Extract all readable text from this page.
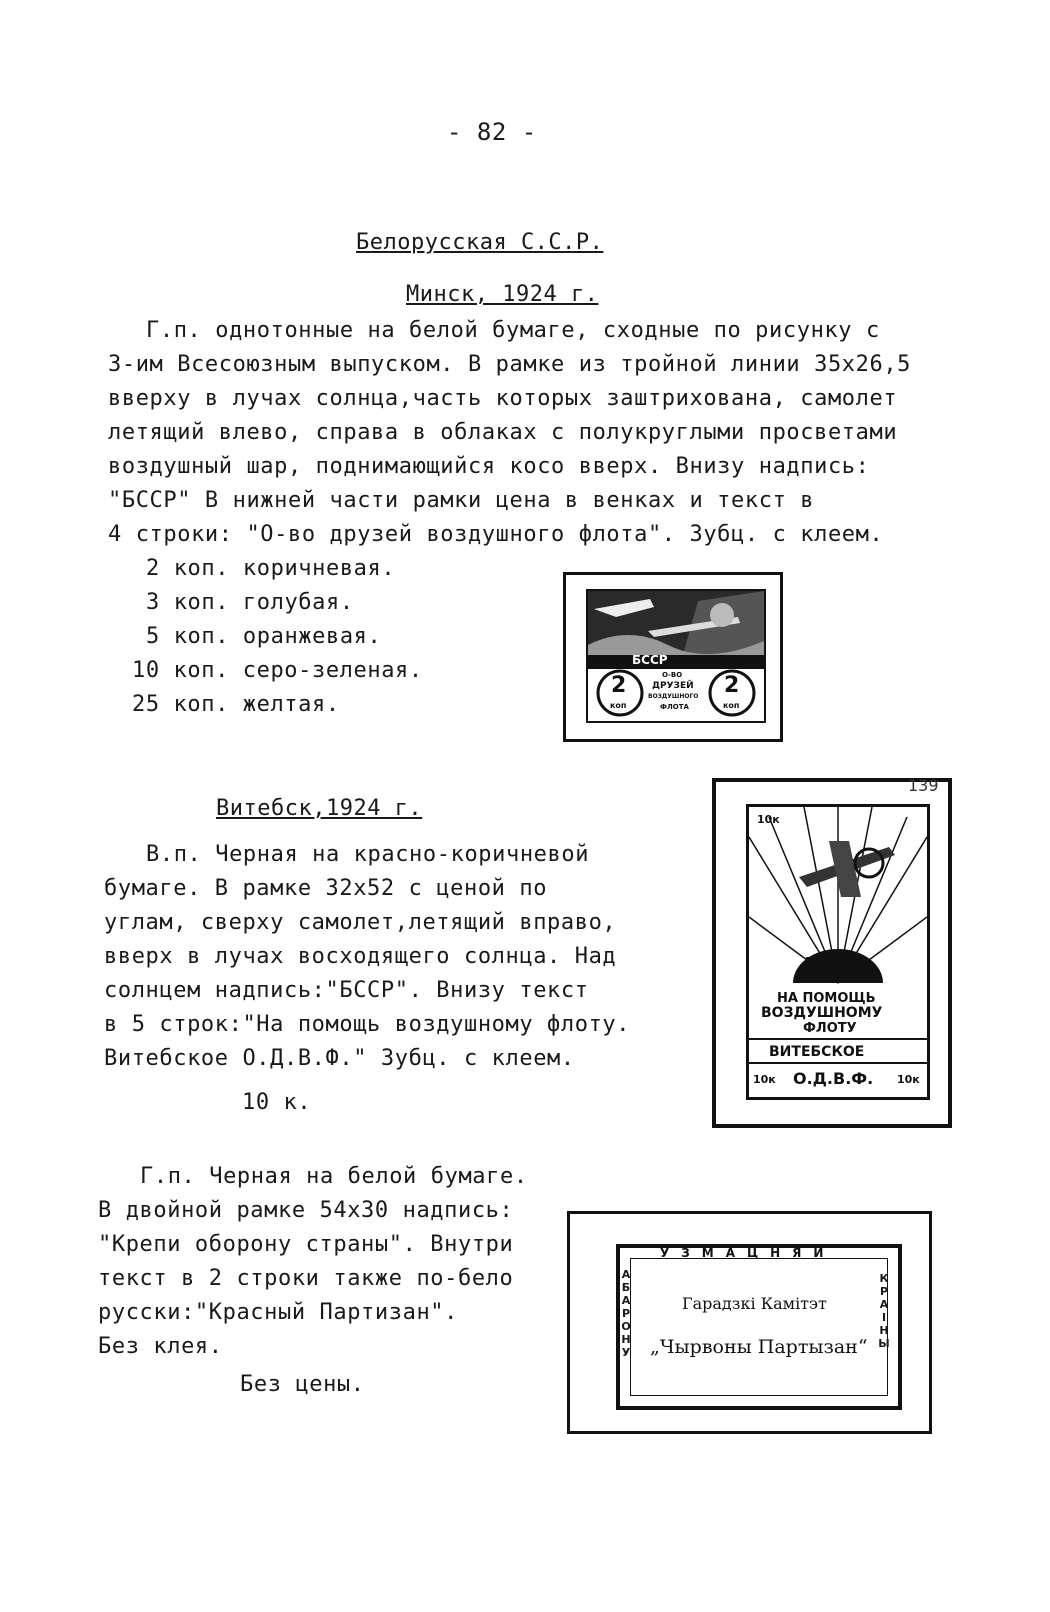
- 82 -
Белорусская С.С.Р.
Минск, 1924 г.
Г.п. однотонные на белой бумаге, сходные по рисунку с
3-им Всесоюзным выпуском. В рамке из тройной линии 35х26,5
вверху в лучах солнца,часть которых заштрихована, самолет
летящий влево, справа в облаках с полукруглыми просветами
воздушный шар, поднимающийся косо вверх. Внизу надпись:
"БССР" В нижней части рамки цена в венках и текст в
4 строки: "О-во друзей воздушного флота". Зубц. с клеем.
2 коп. коричневая.
3 коп. голубая.
5 коп. оранжевая.
10 коп. серо-зеленая.
25 коп. желтая.
БССР
2
коп
2
коп
О-ВО
ДРУЗЕЙ
ВОЗДУШНОГО
ФЛОТА
Витебск,1924 г.
В.п. Черная на красно-коричневой
бумаге. В рамке 32х52 с ценой по
углам, сверху самолет,летящий вправо,
вверх в лучах восходящего солнца. Над
солнцем надпись:"БССР". Внизу текст
в 5 строк:"На помощь воздушному флоту.
Витебское О.Д.В.Ф." Зубц. с клеем.
10 к.
10к
БССР
НА ПОМОЩЬ
ВОЗДУШНОМУ
ФЛОТУ
ВИТЕБСКОЕ
10к О.Д.В.Ф. 10к
139
Г.п. Черная на белой бумаге.
В двойной рамке 54х30 надпись:
"Крепи оборону страны". Внутри
текст в 2 строки также по-бело
русски:"Красный Партизан".
Без клея.
Без цены.
УЗМАЦНЯЙ
АБАРОНУ
КРАІНЫ
Гарадзкі Камітэт
„Чырвоны Партызан“
